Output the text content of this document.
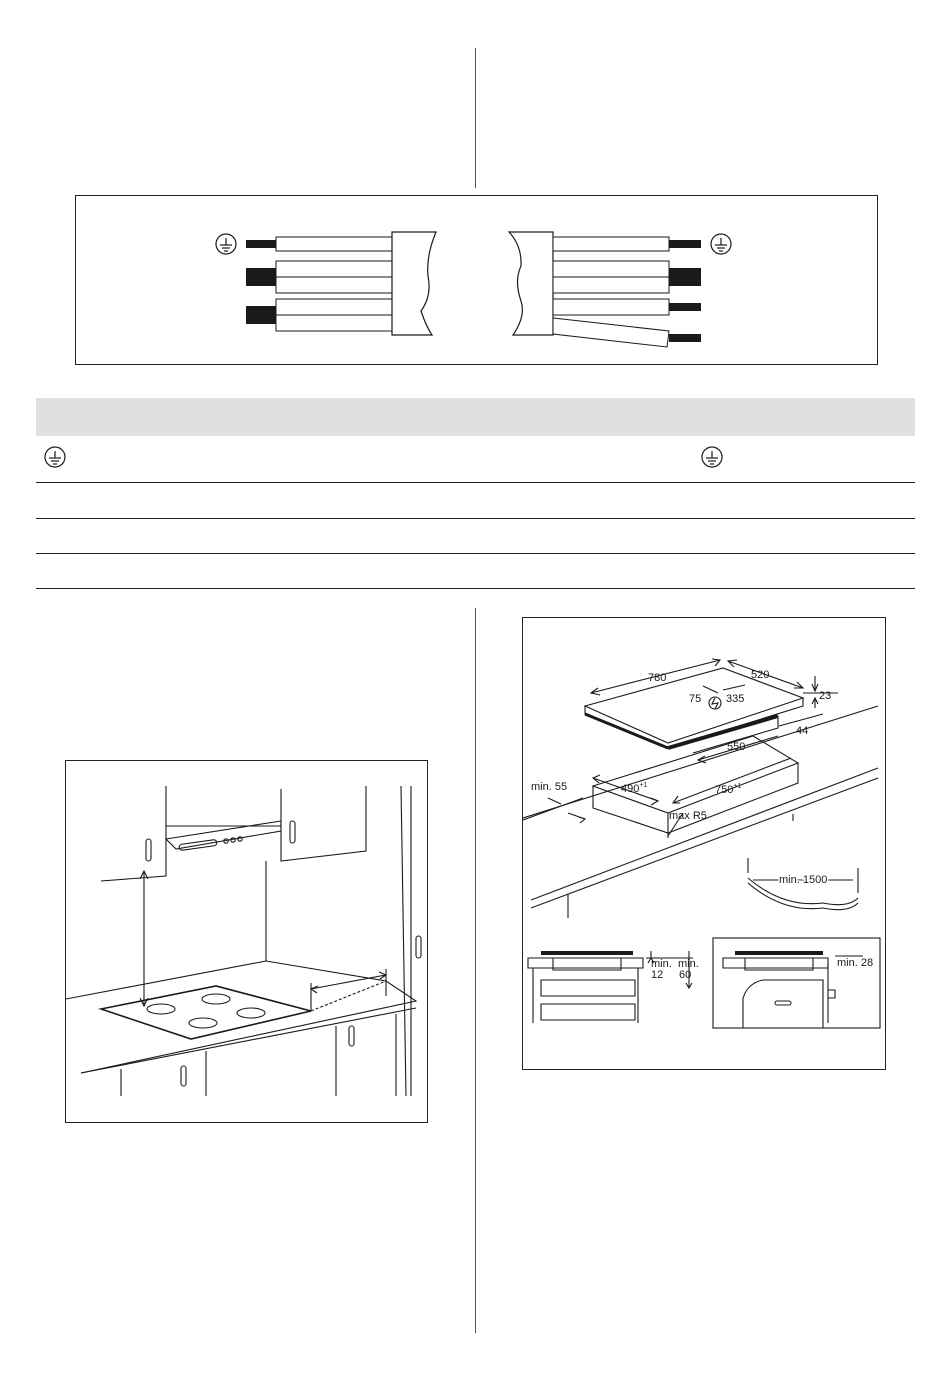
780	520
75 335	23
44
550
min. 55	$490^{+1}$	$750^{+1}$
max R5
min. 1500
min.
12
min.
60
min. 28
